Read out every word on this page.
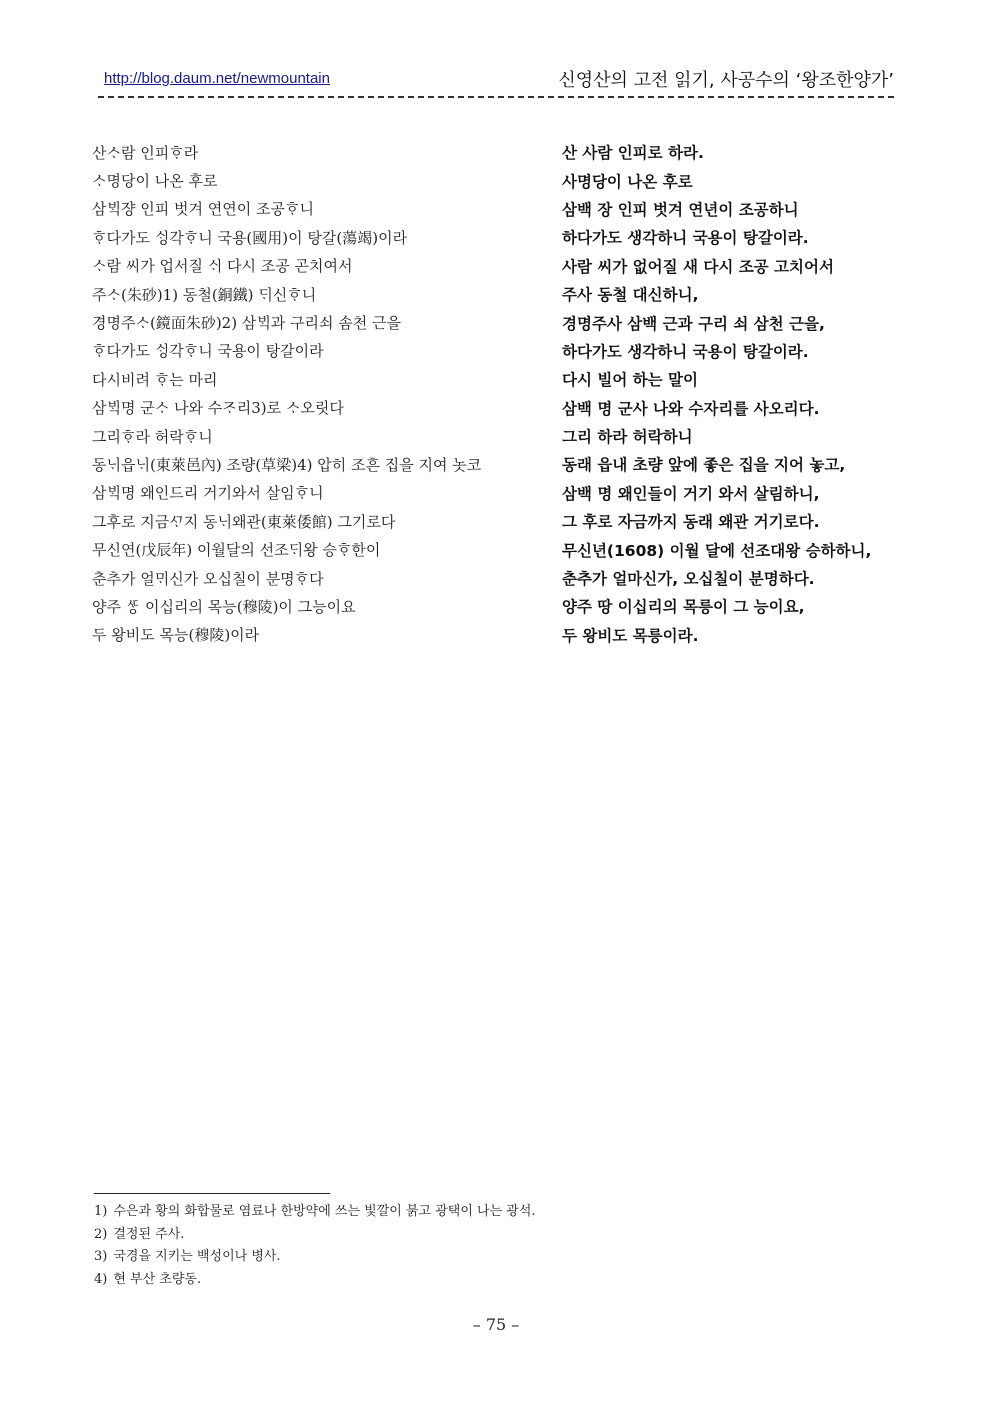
http://blog.daum.net/newmountain	신영산의 고전 읽기, 사공수의 ‘왕조한양가’
산ᄉᆞ람 인피ᄒᆞ라	산 사람 인피로 하라.
ᄉᆞ명당이 나온 후로	사명당이 나온 후로
삼ᄇᆡᆨ쟝 인피 벗겨 연연이 조공ᄒᆞ니	삼백 장 인피 벗겨 연년이 조공하니
ᄒᆞ다가도 ᄉᆡᆼ각ᄒᆞ니 국용(國用)이 탕갈(蕩竭)이라	하다가도 생각하니 국용이 탕갈이라.
ᄉᆞ람 씨가 업서질 ᄉᆡ 다시 조공 곤치여서	사람 씨가 없어질 새 다시 조공 고치어서
주ᄉᆞ(朱砂)1) 동철(銅鐵) ᄃᆡ신ᄒᆞ니	주사 동철 대신하니,
경명주ᄉᆞ(鏡面朱砂)2) 삼ᄇᆡᆨ과 구리쇠 솜천 근을	경명주사 삼백 근과 구리 쇠 삼천 근을,
ᄒᆞ다가도 ᄉᆡᆼ각ᄒᆞ니 국용이 탕갈이라	하다가도 생각하니 국용이 탕갈이라.
다시비려 ᄒᆞ는 마리	다시 빌어 하는 말이
삼ᄇᆡᆨ명 군ᄉᆞ 나와 수ᄌᆞ리3)로 ᄉᆞ오릿다	삼백 명 군사 나와 수자리를 사오리다.
그리ᄒᆞ라 허락ᄒᆞ니	그리 하라 허락하니
동ᄂᆡ읍ᄂᆡ(東萊邑內) 조량(草梁)4) 압히 조흔 집을 지여 놋코	동래 읍내 초량 앞에 좋은 집을 지어 놓고,
삼ᄇᆡᆨ명 왜인드리 거기와서 살임ᄒᆞ니	삼백 명 왜인들이 거기 와서 살림하니,
그후로 지금ᄭᆞ지 동ᄂᆡ왜관(東萊倭館) 그기로다	그 후로 자금까지 동래 왜관 거기로다.
무신연(戊辰年) 이월달의 선조ᄃᆡ왕 승ᄒᆞ한이	무신년(1608) 이월 달에 선조대왕 승하하니,
춘추가 얼ᄆᆡ신가 오십칠이 분명ᄒᆞ다	춘추가 얼마신가, 오십칠이 분명하다.
양주 ᄯᆞᆼ 이십리의 목능(穆陵)이 그능이요	양주 땅 이십리의 목릉이 그 능이요,
두 왕비도 목능(穆陵)이라	두 왕비도 목릉이라.
1) 수은과 황의 화합물로 염료나 한방약에 쓰는 빛깔이 붉고 광택이 나는 광석.
2) 결정된 주사.
3) 국경을 지키는 백성이나 병사.
4) 현 부산 초량동.
– 75 –
